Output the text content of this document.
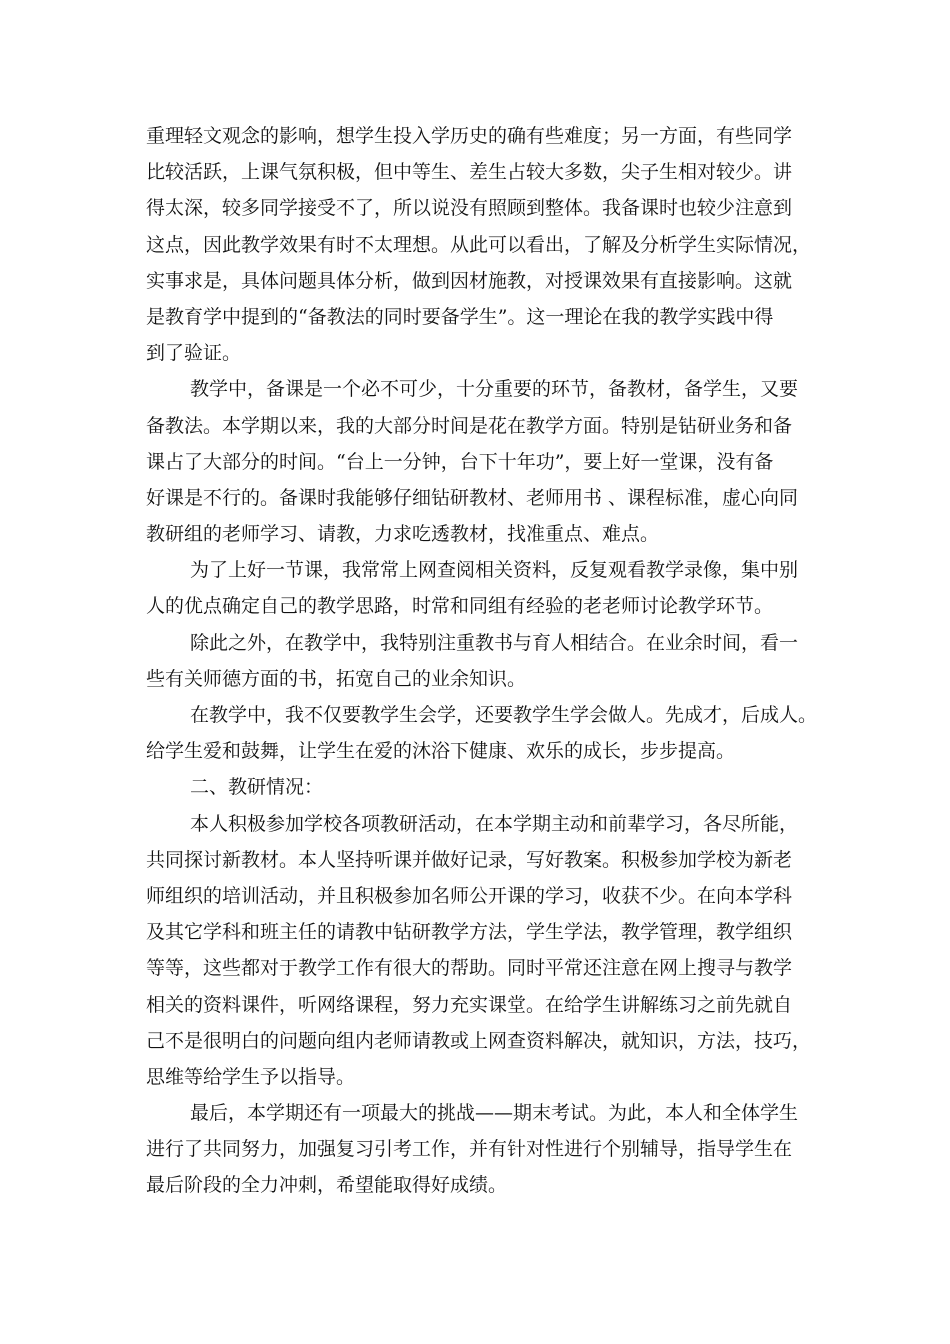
重理轻文观念的影响，想学生投入学历史的确有些难度；另一方面，有些同学
比较活跃，上课气氛积极，但中等生、差生占较大多数，尖子生相对较少。讲
得太深，较多同学接受不了，所以说没有照顾到整体。我备课时也较少注意到
这点，因此教学效果有时不太理想。从此可以看出，了解及分析学生实际情况，
实事求是，具体问题具体分析，做到因材施教，对授课效果有直接影响。这就
是教育学中提到的“备教法的同时要备学生”。这一理论在我的教学实践中得
到了验证。
教学中，备课是一个必不可少，十分重要的环节，备教材，备学生，又要
备教法。本学期以来，我的大部分时间是花在教学方面。特别是钻研业务和备
课占了大部分的时间。“台上一分钟，台下十年功”，要上好一堂课，没有备
好课是不行的。备课时我能够仔细钻研教材、老师用书 、课程标准，虚心向同
教研组的老师学习、请教，力求吃透教材，找准重点、难点。
为了上好一节课，我常常上网查阅相关资料，反复观看教学录像，集中别
人的优点确定自己的教学思路，时常和同组有经验的老老师讨论教学环节。
除此之外，在教学中，我特别注重教书与育人相结合。在业余时间，看一
些有关师德方面的书，拓宽自己的业余知识。
在教学中，我不仅要教学生会学，还要教学生学会做人。先成才，后成人。
给学生爱和鼓舞，让学生在爱的沐浴下健康、欢乐的成长，步步提高。
二、教研情况：
本人积极参加学校各项教研活动，在本学期主动和前辈学习，各尽所能，
共同探讨新教材。本人坚持听课并做好记录，写好教案。积极参加学校为新老
师组织的培训活动，并且积极参加名师公开课的学习，收获不少。在向本学科
及其它学科和班主任的请教中钻研教学方法，学生学法，教学管理，教学组织
等等，这些都对于教学工作有很大的帮助。同时平常还注意在网上搜寻与教学
相关的资料课件，听网络课程，努力充实课堂。在给学生讲解练习之前先就自
己不是很明白的问题向组内老师请教或上网查资料解决，就知识，方法，技巧，
思维等给学生予以指导。
最后，本学期还有一项最大的挑战——期末考试。为此，本人和全体学生
进行了共同努力，加强复习引考工作，并有针对性进行个别辅导，指导学生在
最后阶段的全力冲刺，希望能取得好成绩。
